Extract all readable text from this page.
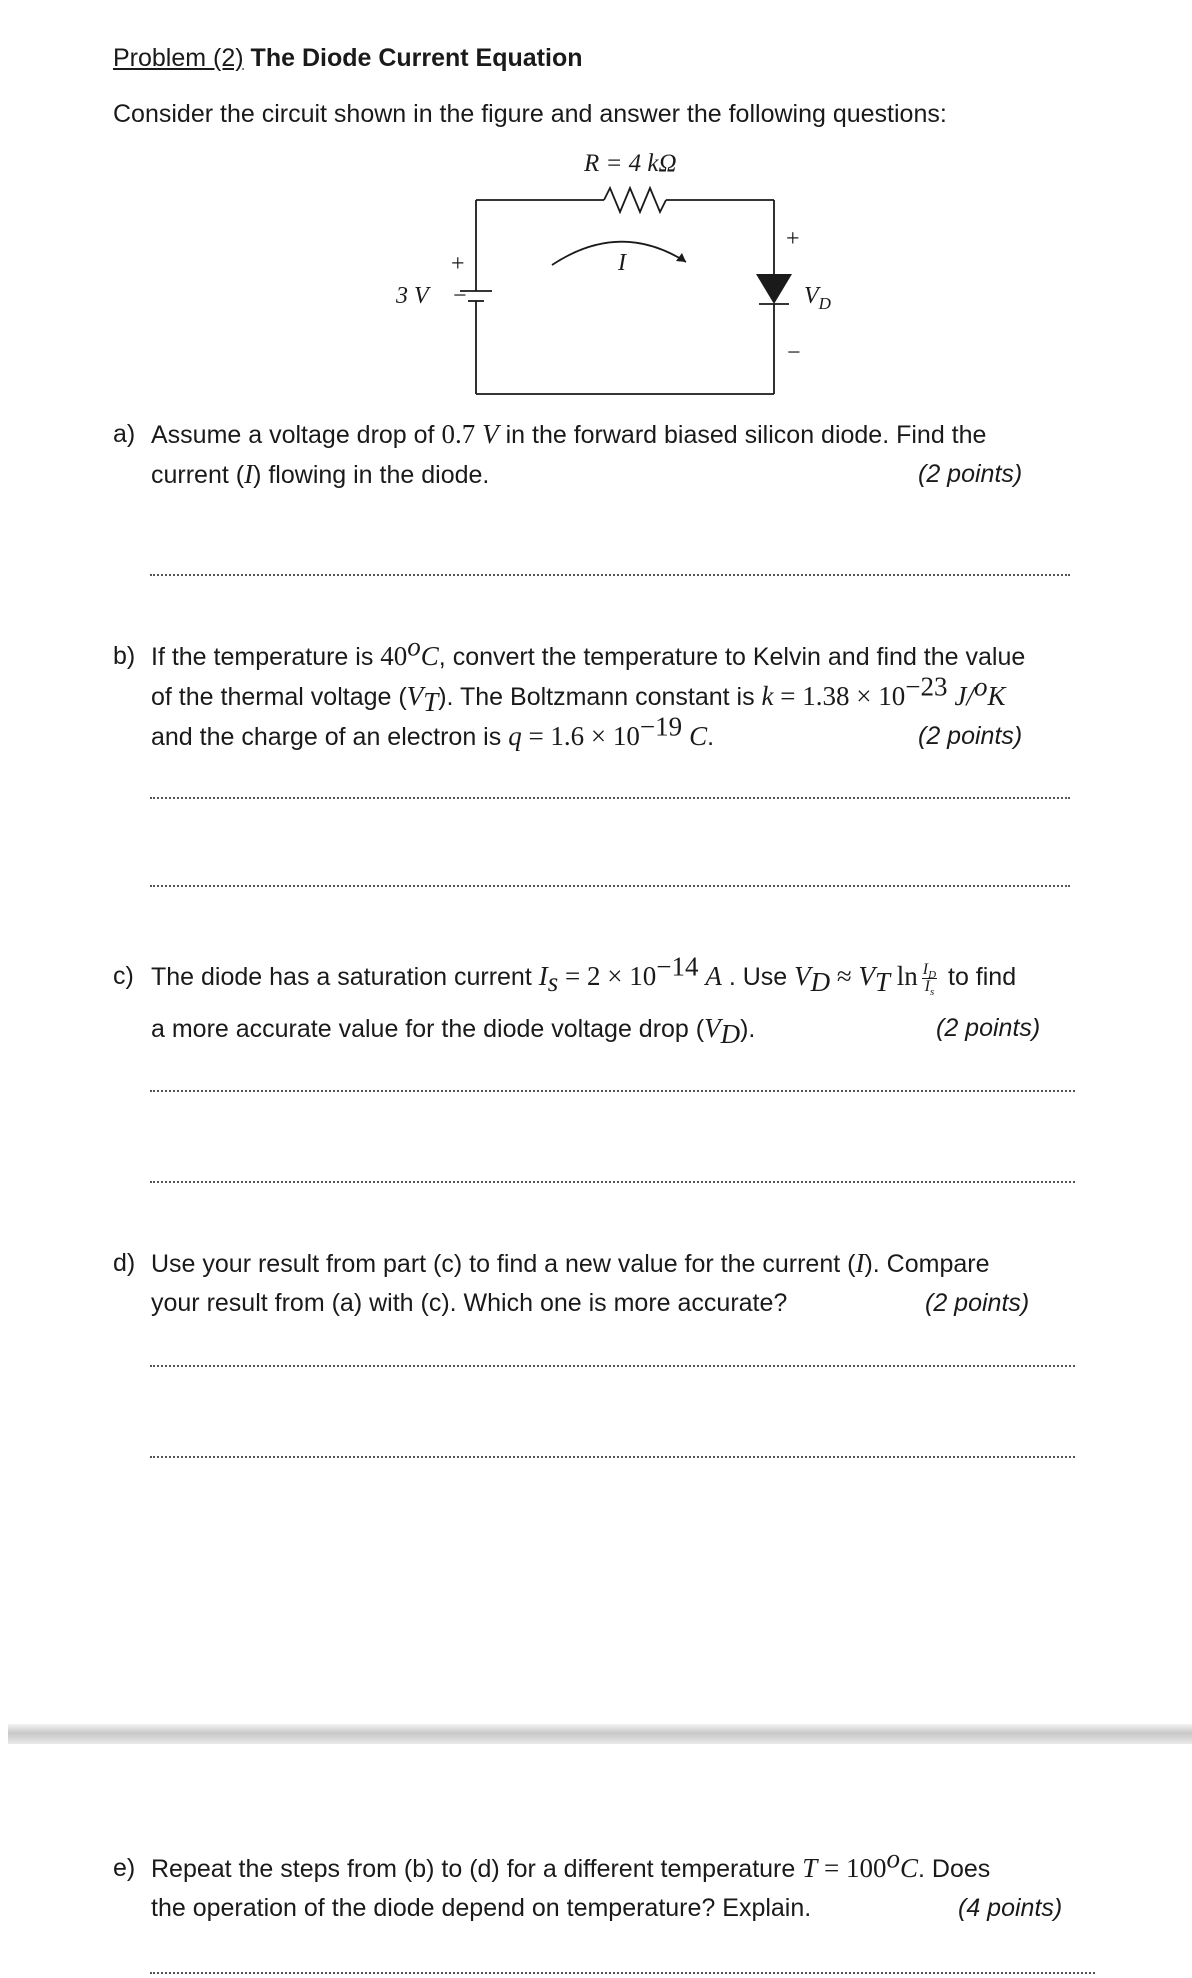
Problem (2) The Diode Current Equation
Consider the circuit shown in the figure and answer the following questions:
R = 4 kΩ
3 V
+
−
I
+
−
$V_D$
a) Assume a voltage drop of 0.7 V in the forward biased silicon diode. Find the
current (I) flowing in the diode.	(2 points)
b) If the temperature is 40$^o$C, convert the temperature to Kelvin and find the value
of the thermal voltage $(V_T)$. The Boltzmann constant is $k = 1.38 \times 10^{-23}$ J/$^o$K
and the charge of an electron is $q = 1.6 \times 10^{-19}$ C.	(2 points)
c) The diode has a saturation current $I_s = 2 \times 10^{-14}$ A . Use $V_D \approx V_T$ $\ln \frac{I_D}{I_s}$ to find
a more accurate value for the diode voltage drop $(V_D)$.	(2 points)
d) Use your result from part (c) to find a new value for the current (I). Compare
your result from (a) with (c). Which one is more accurate?	(2 points)
e) Repeat the steps from (b) to (d) for a different temperature $T = 100^oC$. Does
the operation of the diode depend on temperature? Explain.	(4 points)
